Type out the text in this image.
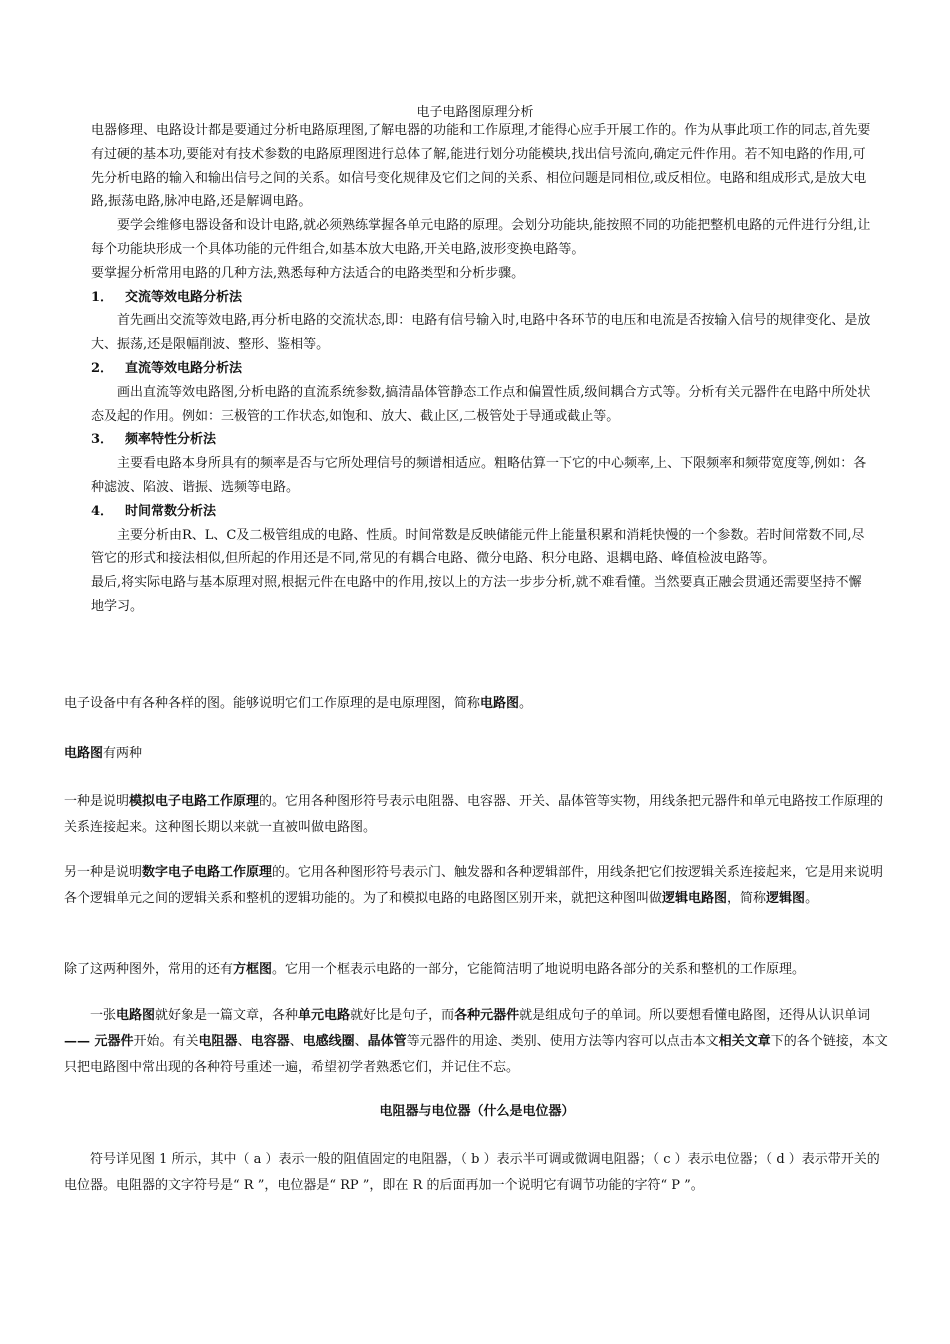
电子电路图原理分析

电器修理、电路设计都是要通过分析电路原理图,了解电器的功能和工作原理,才能得心应手开展工作的。作为从事此项工作的同志,首先要有过硬的基本功,要能对有技术参数的电路原理图进行总体了解,能进行划分功能模块,找出信号流向,确定元件作用。若不知电路的作用,可先分析电路的输入和输出信号之间的关系。如信号变化规律及它们之间的关系、相位问题是同相位,或反相位。电路和组成形式,是放大电路,振荡电路,脉冲电路,还是解调电路。

要学会维修电器设备和设计电路,就必须熟练掌握各单元电路的原理。会划分功能块,能按照不同的功能把整机电路的元件进行分组,让每个功能块形成一个具体功能的元件组合,如基本放大电路,开关电路,波形变换电路等。

要掌握分析常用电路的几种方法,熟悉每种方法适合的电路类型和分析步骤。

1． 交流等效电路分析法

首先画出交流等效电路,再分析电路的交流状态,即：电路有信号输入时,电路中各环节的电压和电流是否按输入信号的规律变化、是放大、振荡,还是限幅削波、整形、鉴相等。

2． 直流等效电路分析法

画出直流等效电路图,分析电路的直流系统参数,搞清晶体管静态工作点和偏置性质,级间耦合方式等。分析有关元器件在电路中所处状态及起的作用。例如：三极管的工作状态,如饱和、放大、截止区,二极管处于导通或截止等。

3． 频率特性分析法

主要看电路本身所具有的频率是否与它所处理信号的频谱相适应。粗略估算一下它的中心频率,上、下限频率和频带宽度等,例如：各种滤波、陷波、谐振、选频等电路。

4． 时间常数分析法

主要分析由R、L、C及二极管组成的电路、性质。时间常数是反映储能元件上能量积累和消耗快慢的一个参数。若时间常数不同,尽管它的形式和接法相似,但所起的作用还是不同,常见的有耦合电路、微分电路、积分电路、退耦电路、峰值检波电路等。

最后,将实际电路与基本原理对照,根据元件在电路中的作用,按以上的方法一步步分析,就不难看懂。当然要真正融会贯通还需要坚持不懈地学习。

电子设备中有各种各样的图。能够说明它们工作原理的是电原理图，简称电路图。

电路图有两种

一种是说明模拟电子电路工作原理的。它用各种图形符号表示电阻器、电容器、开关、晶体管等实物，用线条把元器件和单元电路按工作原理的关系连接起来。这种图长期以来就一直被叫做电路图。

另一种是说明数字电子电路工作原理的。它用各种图形符号表示门、触发器和各种逻辑部件，用线条把它们按逻辑关系连接起来，它是用来说明各个逻辑单元之间的逻辑关系和整机的逻辑功能的。为了和模拟电路的电路图区别开来，就把这种图叫做逻辑电路图，简称逻辑图。

除了这两种图外，常用的还有方框图。它用一个框表示电路的一部分，它能简洁明了地说明电路各部分的关系和整机的工作原理。

一张电路图就好象是一篇文章，各种单元电路就好比是句子，而各种元器件就是组成句子的单词。所以要想看懂电路图，还得从认识单词 —— 元器件开始。有关电阻器、电容器、电感线圈、晶体管等元器件的用途、类别、使用方法等内容可以点击本文相关文章下的各个链接，本文只把电路图中常出现的各种符号重述一遍，希望初学者熟悉它们，并记住不忘。

电阻器与电位器（什么是电位器）

符号详见图 1 所示，其中（ a ）表示一般的阻值固定的电阻器，（ b ）表示半可调或微调电阻器；（ c ）表示电位器；（ d ）表示带开关的电位器。电阻器的文字符号是“ R ”，电位器是“ RP ”，即在 R 的后面再加一个说明它有调节功能的字符“ P ”。
